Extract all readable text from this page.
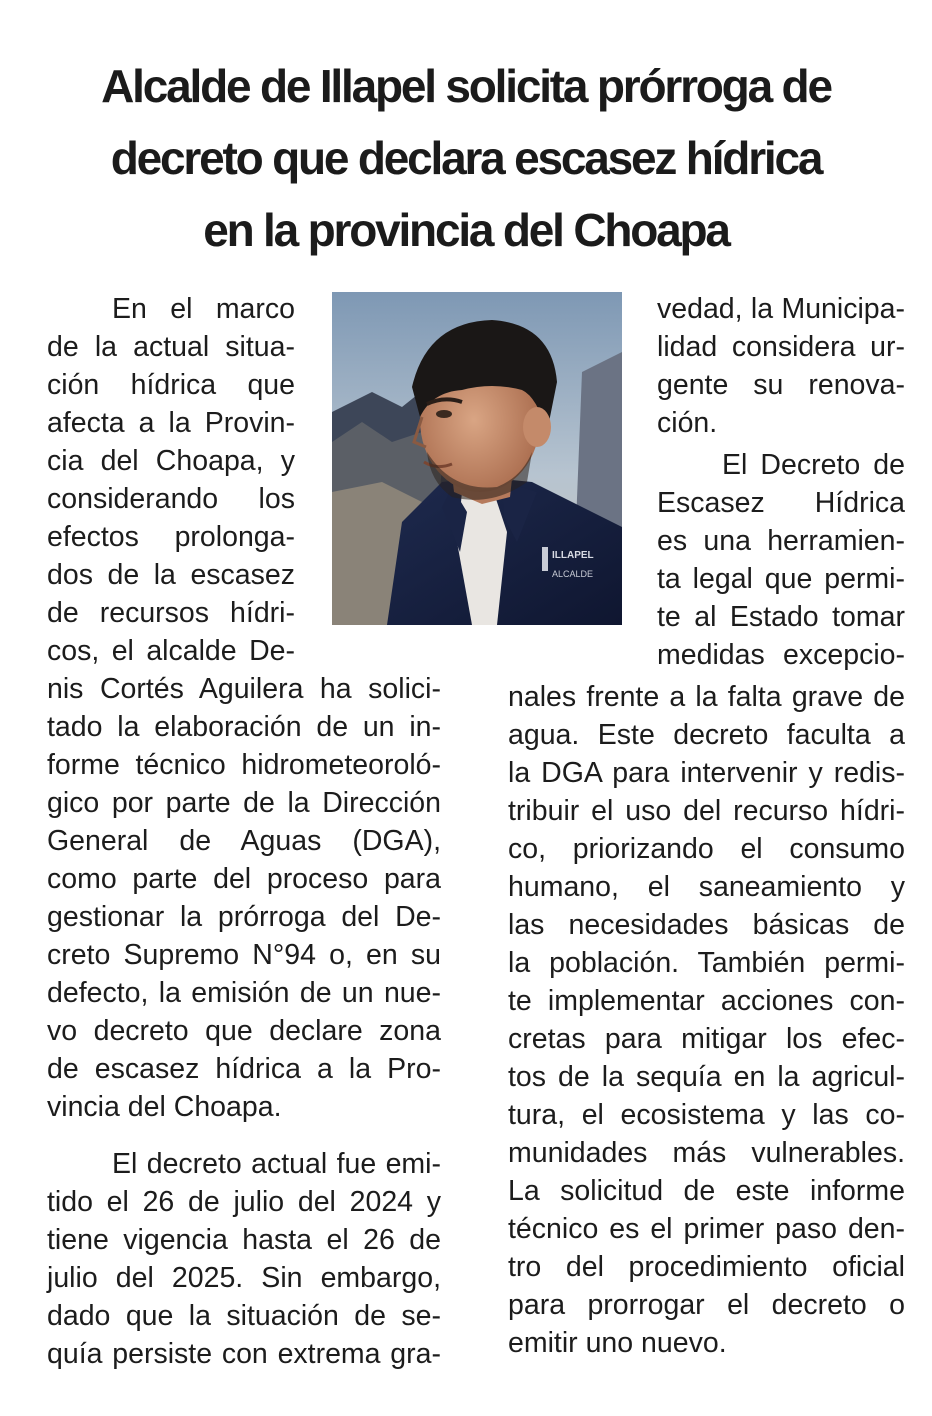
Alcalde de Illapel solicita prórroga de
decreto que declara escasez hídrica
en la provincia del Choapa
ILLAPEL
ALCALDE
En el marco
de la actual situa-
ción hídrica que
afecta a la Provin-
cia del Choapa, y
considerando los
efectos prolonga-
dos de la escasez
de recursos hídri-
cos, el alcalde De-
nis Cortés Aguilera ha solici-
tado la elaboración de un in-
forme técnico hidrometeoroló-
gico por parte de la Dirección
General de Aguas (DGA),
como parte del proceso para
gestionar la prórroga del De-
creto Supremo N°94 o, en su
defecto, la emisión de un nue-
vo decreto que declare zona
de escasez hídrica a la Pro-
vincia del Choapa.
El decreto actual fue emi-
tido el 26 de julio del 2024 y
tiene vigencia hasta el 26 de
julio del 2025. Sin embargo,
dado que la situación de se-
quía persiste con extrema gra-
vedad, la Municipa-
lidad considera ur-
gente su renova-
ción.
El Decreto de
Escasez Hídrica
es una herramien-
ta legal que permi-
te al Estado tomar
medidas excepcio-
nales frente a la falta grave de
agua. Este decreto faculta a
la DGA para intervenir y redis-
tribuir el uso del recurso hídri-
co, priorizando el consumo
humano, el saneamiento y
las necesidades básicas de
la población. También permi-
te implementar acciones con-
cretas para mitigar los efec-
tos de la sequía en la agricul-
tura, el ecosistema y las co-
munidades más vulnerables.
La solicitud de este informe
técnico es el primer paso den-
tro del procedimiento oficial
para prorrogar el decreto o
emitir uno nuevo.
